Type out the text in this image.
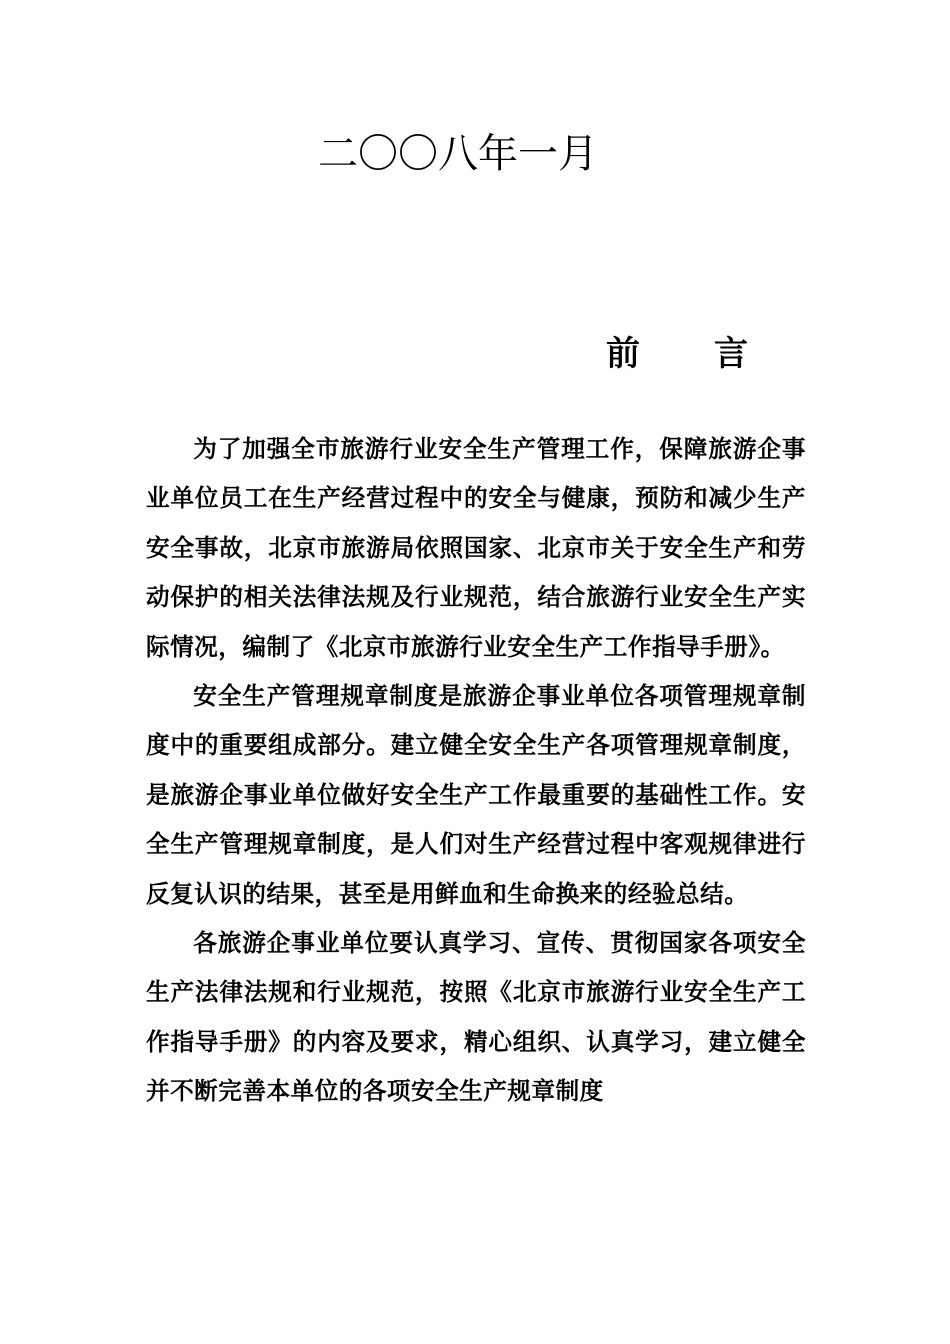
二〇〇八年一月
前 言

为了加强全市旅游行业安全生产管理工作，保障旅游企事业单位员工在生产经营过程中的安全与健康，预防和减少生产安全事故，北京市旅游局依照国家、北京市关于安全生产和劳动保护的相关法律法规及行业规范，结合旅游行业安全生产实际情况，编制了《北京市旅游行业安全生产工作指导手册》。

安全生产管理规章制度是旅游企事业单位各项管理规章制度中的重要组成部分。建立健全安全生产各项管理规章制度，是旅游企事业单位做好安全生产工作最重要的基础性工作。安全生产管理规章制度，是人们对生产经营过程中客观规律进行反复认识的结果，甚至是用鲜血和生命换来的经验总结。

各旅游企事业单位要认真学习、宣传、贯彻国家各项安全生产法律法规和行业规范，按照《北京市旅游行业安全生产工作指导手册》的内容及要求，精心组织、认真学习，建立健全并不断完善本单位的各项安全生产规章制度
